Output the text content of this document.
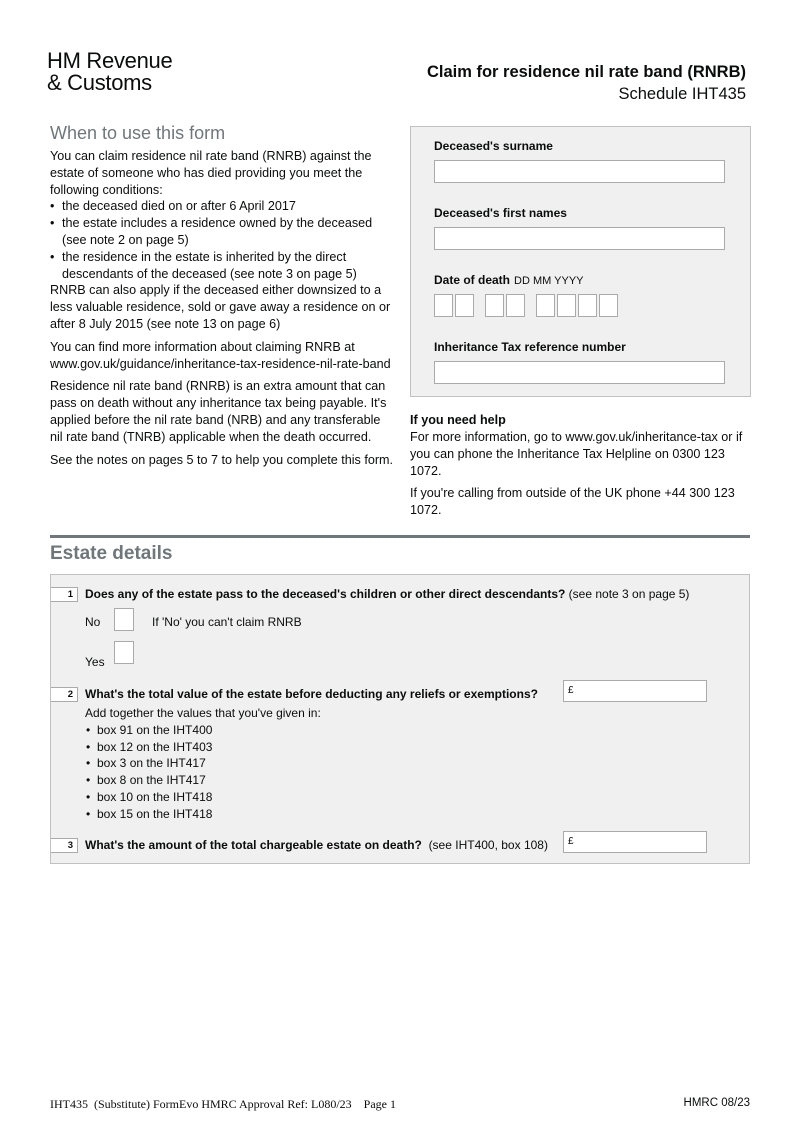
HM Revenue
& Customs	Claim for residence nil rate band (RNRB)
Schedule IHT435
When to use this form

You can claim residence nil rate band (RNRB) against the estate of someone who has died providing you meet the following conditions:

• the deceased died on or after 6 April 2017
• the estate includes a residence owned by the deceased (see note 2 on page 5)
• the residence in the estate is inherited by the direct descendants of the deceased (see note 3 on page 5)

RNRB can also apply if the deceased either downsized to a less valuable residence, sold or gave away a residence on or after 8 July 2015 (see note 13 on page 6)

You can find more information about claiming RNRB at www.gov.uk/guidance/inheritance-tax-residence-nil-rate-band

Residence nil rate band (RNRB) is an extra amount that can pass on death without any inheritance tax being payable. It's applied before the nil rate band (NRB) and any transferable nil rate band (TNRB) applicable when the death occurred.

See the notes on pages 5 to 7 to help you complete this form.

Deceased's surname
Deceased's first names
Date of death DD MM YYYY
Inheritance Tax reference number
If you need help

For more information, go to www.gov.uk/inheritance-tax or if you can phone the Inheritance Tax Helpline on 0300 123 1072.

If you're calling from outside of the UK phone +44 300 123 1072.

Estate details
1	Does any of the estate pass to the deceased's children or other direct descendants? (see note 3 on page 5)
No	If 'No' you can't claim RNRB
Yes
2	What's the total value of the estate before deducting any reliefs or exemptions?	£
Add together the values that you've given in:
• box 91 on the IHT400
• box 12 on the IHT403
• box 3 on the IHT417
• box 8 on the IHT417
• box 10 on the IHT418
• box 15 on the IHT418
3	What's the amount of the total chargeable estate on death? (see IHT400, box 108)	£
IHT435  (Substitute) FormEvo HMRC Approval Ref: L080/23    Page 1	HMRC 08/23
